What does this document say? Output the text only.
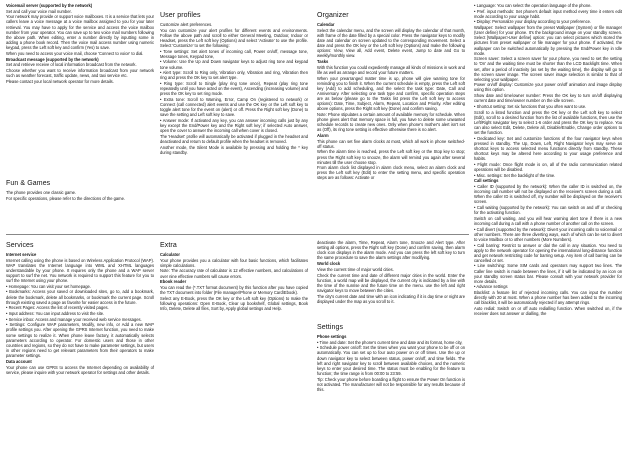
Voicemail server (supported by the network)

Set and call your voice mail number.

Your network may provide or support voice mailboxes. It is a service that lets your callers leave a voice message at a voice mailbox assigned to you for your later retrieval. You may have to apply for the service and access the voice mailbox number from your operator. You can save up to two voice mail numbers following the above path. When editing, enter a number directly by inputting some in adding a phone book record. Then the voice mail access number using numeric keypad, press the Left soft key and confirm (Yes) to save.

When you need to access your voice mail, choose 'Connect to voice' to dial.

Broadcast message (supported by the network)

Set and retrieve receive of local information broadcast from the network.

Choose whether you want to receive information broadcast from your network such as weather forecast, traffic update, news, and taxi service etc.

Please contact your local network operator for more details.

Fun & Games

The phone provides one classic game.

For specific operations, please refer to the directions of the game.

User profiles

Customize alert preferences.

You can customize your alert profiles for different events and environments. Follow the above path and scroll to either General Meeting, Outdoor, Indoor or Headset, press the Left soft key (Options) and select 'Activate' to use the profile. Select 'Customize' to set the following:

• Tone settings: Set alert tones of incoming call, Power on/off, message tone, Message tones, Keypad tone,

• Volume: Use the Up and Down navigator keys to adjust ring tone and keypad tone volume.

• Alert type: Scroll to Ring only, Vibration only, Vibration and ring, Vibration then ring and press the OK key to set alert type.

• Ring type: Scroll to Single (play ring tone once), Repeat (play ring tone repeatedly until you have acted on the event), Ascending (increasing volume) and press the OK key to set ring mode.

• Extra tone: Scroll to Warning, Error, Camp On (registered to network) or Connect (call connected) alert events and use the OK key or the Left soft key to toggle alert tone for the event on (alert) or off. Press the Right soft key (Done) to save the setting and Left soft key to save.

• Answer mode: If activated any key, you can answer incoming calls just by any key except the End/Power key and the Right soft key; if selected Auto answer, open the cover to answer the incoming call when cover is closed.

The 'Headset' profile will automatically be activated if plugged in the headset and deactivated and return to default profile when the headset is removed.

Another mode, the Silent Mode is available by pressing and holding the * key during standby.

Organizer

Calendar

Select the calendar menu, and the screen will display the calendar of that month, with frame of the date filled by a special color. Press the navigator keys to modify date and calendar on screen updated to the corresponding movement. Select a date and press the OK key or the Left soft key (Options) and make the following options: View, View all, Add event, Delete event, Jump to date and Go to weekly/monthly view.

Tasks

With this function you could expediently manage all kinds of missions in work and life as well as arrange and record your future matters.

When your prearranged matter time is up, phone will give warning tone for reminding you to finish it. When the current schedule is empty, press the Left soft key (Add) to add scheduling, and the select the task type: Date, Call and Anniversary. After selecting one task type and confirm, specific operation steps are as below (please go to the Tasks list press the Left soft key to access options): Date, Time, Subject, Alarm, Repeat, Location and Priority. After editing above options, press the Right soft key (Done) and confirm saving.

Note: Phone stipulates a certain amount of available memory for schedule. When phone gives alert that memory space is full, you have to delete some unwanted schedule records to create new ones. Only when phone's mother's alert isn't set as (Off), its ring tone setting is effective otherwise there is no alert.

Alarm

This phone can set five alarm clocks at most, which all work in phone switched-off status.

When the alarm time is reached, press the Left soft key or the Stop key to stop; press the Right soft key to snooze, the alarm will remind you again after several minutes till the user choose stop.

From alarm clock list displayed in alarm clock menu, select an alarm clock and press the Left soft key (Edit) to enter the setting menu, and specific operation steps are as follows: Activate or

• Language: You can select the operation language of the phone.

• Pref. input methods: Set phone's default input method every time it enters edit mode according to your usage habit.

• Display: Personalize your display according to your preference.

Wallpaper: Select wallpaper from the preset Wallpaper (System) or file manager (User define) for your phone. It's the background image on your standby screen. Select [Wallpaper>User define] option: you can select pictures which stored the pictures from preset wallpaper or file manager for your phone. If activated, the wallpaper can be switched automatically by pressing the End/Power key in Idle mode.

Screen saver: Select a screen saver for your phone, you need to set the setting to 'On' and the waiting time must be shorter than the LCD Backlight time. When set, after a period of inactivity (as set by the waiting time), the display will go to the screen saver image. The screen saver image selection is similar to that of selecting your wallpaper.

Power on/off display: Customize your power on/off animation and image display using this option.

Show date and time/owner number: Press the OK key to turn on/off displaying current date and time/owner number on the idle screen.

• Shortcut setting: Set six functions that you often want to use.

Scroll to a listed function and press the OK key or the Left soft key to select (Edit), scroll to a desired function from the list of available functions, then use the Left/Right navigator key to select 1-6 order and press the OK key to replace. You can also select Edit, Delete, Delete all, Disable/Enable, Change order options to set the function.

• Dedicated key: Set and customize functions of the four navigator keys when pressed in standby. The Up, Down, Left, Right Navigator keys may serve as shortcut keys to access selected menu functions directly from standby. These shortcut keys may be altered here according to your usage preference and habits.

• Flight mode: Once flight mode is on, all of the radio communication related operations will be disabled.

• Misc. settings: Set the backlight of the time.

Call settings

• Caller ID (supported by the network): When the caller ID is switched on, the incoming call number will not be displayed on the receiver's screen during a call. When the caller ID is switched off, my number will be displayed on the receiver's screen.

• Call waiting (supported by the network): You can switch on and off or checking for the activating function.

Switch on call waiting, and you will hear warning alert tone if there is a new incoming call during a call with a phone number of another call on the screen.

• Call divert (supported by the network): Divert your incoming calls to voicemail or other numbers. There are three diverting ways, each of which can be set to divert to voice Mailbox or to other numbers (More Numbers).

• Call barring: Restrict to answer or dial the call in any situation. You need to apply to the network operator for opening the international long-distance function and get network restricting code for barring setup. Any item of call barring can be cancelled or set.

• Line switching: Some SIM cards and operators may support two lines. The Caller line switch is made between the lines, if it will be indicated by an icon on your standby screen status bar. Please consult with your network provider for more details.

• Advance settings

Blacklist: a feature list of rejected incoming calls. You can input the number directly with 20 at most. When a phone number has been added to the incoming call blacklist, it will be automatically rejected if any attempt rings.

Auto redial: Switch on or off auto redialling function. When switched on, if the receiver does not answer or dialling, the

Services

Internet service

Internet calling using the phone is based on Wireless Application Protocol (WAP). WAP translates the Internet language into WML and XHTML languages understandable by your phone. It requires only the phone and a WAP server support to surf the net. You network is required to support this feature for you to surf the Internet using your phone.

• Homepage: You can visit your set homepage.

• Bookmarks: Access your saved or downloaded sites, go to, add a bookmark, delete the bookmark, delete all bookmarks, or bookmark the current page. Scroll through existing saved a page as favorite for easier access in the future.

• Recent Pages: Access the list of recently visited pages.

• Input address: You can input address to visit the site.

• Service inbox: Access and manage your received web service messages.

• Settings: Configure WAP parameters, Modify, new info, or Add a new WAP profile settings you. After opening the GPRS Internet function, you need to make some settings to realize it. When phone leave factory, it automatically selects parameters according to operator. For domestic users and those in other countries and regions, so they do not have to make parameter settings, but users in other regions need to get relevant parameters from their operators to make parameter settings.

Data account

Your phone can use GPRS to access the Internet depending on availability of service, please inquire with your network operator for settings and other details.

Extra

Calculator

Your phone provides you a calculator with four basic functions, which facilitates simple calculations.

Note: The accuracy rate of calculator is 12 effective numbers, and calculations of over nine effective numbers will cause errors.

Ebook reader

You can read the (*.TXT format document) by this function after you have copied the TXT document into folder (File manager/Phone or Memory Card\Ebook).

Select any E-Book, press the OK key or the Left soft key (Options) to make the following operations: Open E-Book, Clear up bookshelf, Global settings, Book Info, Delete, Delete all files, Sort by, Apply global settings and Help.

deactivate the alarm, Time, Repeat, Alarm tone, Snooze and Alert type. After setting all options, press the Right soft key (Done) and confirm saving, then alarm clock icon displays in the alarm mode. And you can press the left soft key to turn the same procedure to save the alarm settings after modifying.

World clock

View the current time of major world cities.

Check the current time and date of different major cities in the world. Enter the function, a world map will be displayed, the current city is indicated by a line with the time of the sunrise and the future time on the menu. use the left and right navigator keys to move between the cities.

The city's current date and time with an icon indicating if it is day time or night are displayed under the map as you scroll to it.

Settings

Phone settings

• Time and date: Set the phone's current time and date and its format, home city,

• Schedule power on/off: Set the times when you want your phone to be off or on automatically. You can set up to four auto power on or off times. Use the up or down navigator key to select between status, power on/off, and time fields. The left and right navigator key to scroll between available choices, and the numeric keys to enter your desired time. The status must be enabling for the feature to function; the time range is from 00:00 to 23:59.

Tip: Check your phone before boarding a flight to ensure the Power On function is not activated. The manufacturer will not be responsible for any results because of this.
